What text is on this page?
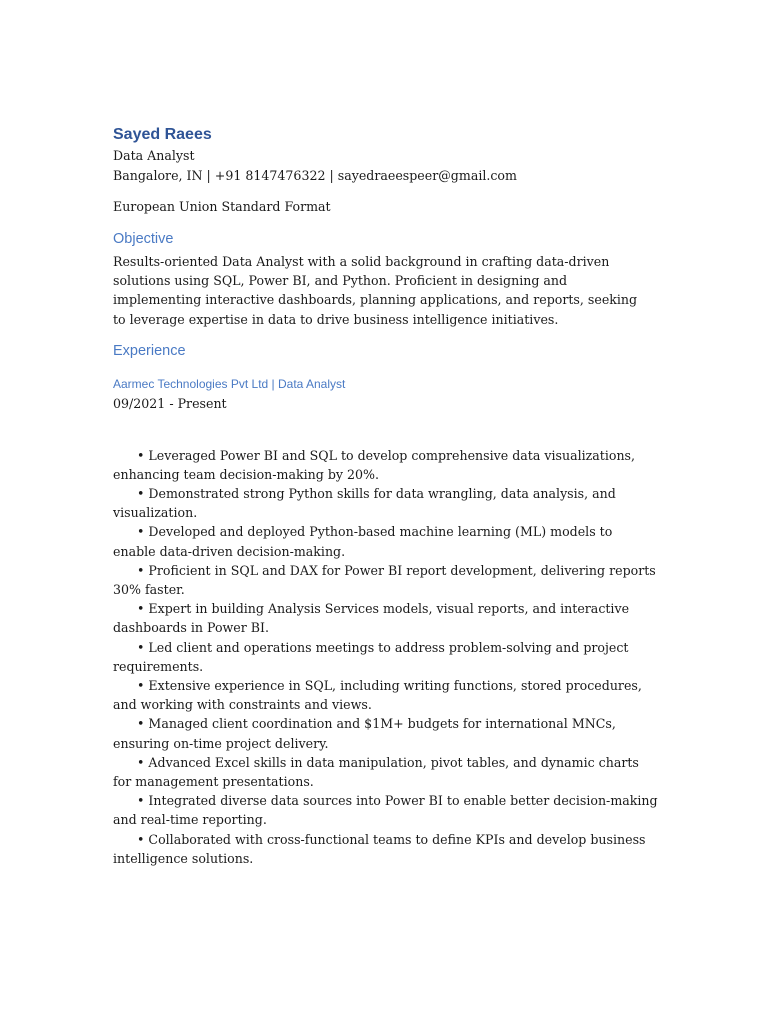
Sayed Raees

Data Analyst

Bangalore, IN | +91 8147476322 | sayedraeespeer@gmail.com

European Union Standard Format

Objective

Results-oriented Data Analyst with a solid background in crafting data-driven solutions using SQL, Power BI, and Python. Proficient in designing and implementing interactive dashboards, planning applications, and reports, seeking to leverage expertise in data to drive business intelligence initiatives.

Experience

Aarmec Technologies Pvt Ltd | Data Analyst

09/2021 - Present

• Leveraged Power BI and SQL to develop comprehensive data visualizations, enhancing team decision-making by 20%.
• Demonstrated strong Python skills for data wrangling, data analysis, and visualization.
• Developed and deployed Python-based machine learning (ML) models to enable data-driven decision-making.
• Proficient in SQL and DAX for Power BI report development, delivering reports 30% faster.
• Expert in building Analysis Services models, visual reports, and interactive dashboards in Power BI.
• Led client and operations meetings to address problem-solving and project requirements.
• Extensive experience in SQL, including writing functions, stored procedures, and working with constraints and views.
• Managed client coordination and $1M+ budgets for international MNCs, ensuring on-time project delivery.
• Advanced Excel skills in data manipulation, pivot tables, and dynamic charts for management presentations.
• Integrated diverse data sources into Power BI to enable better decision-making and real-time reporting.
• Collaborated with cross-functional teams to define KPIs and develop business intelligence solutions.
